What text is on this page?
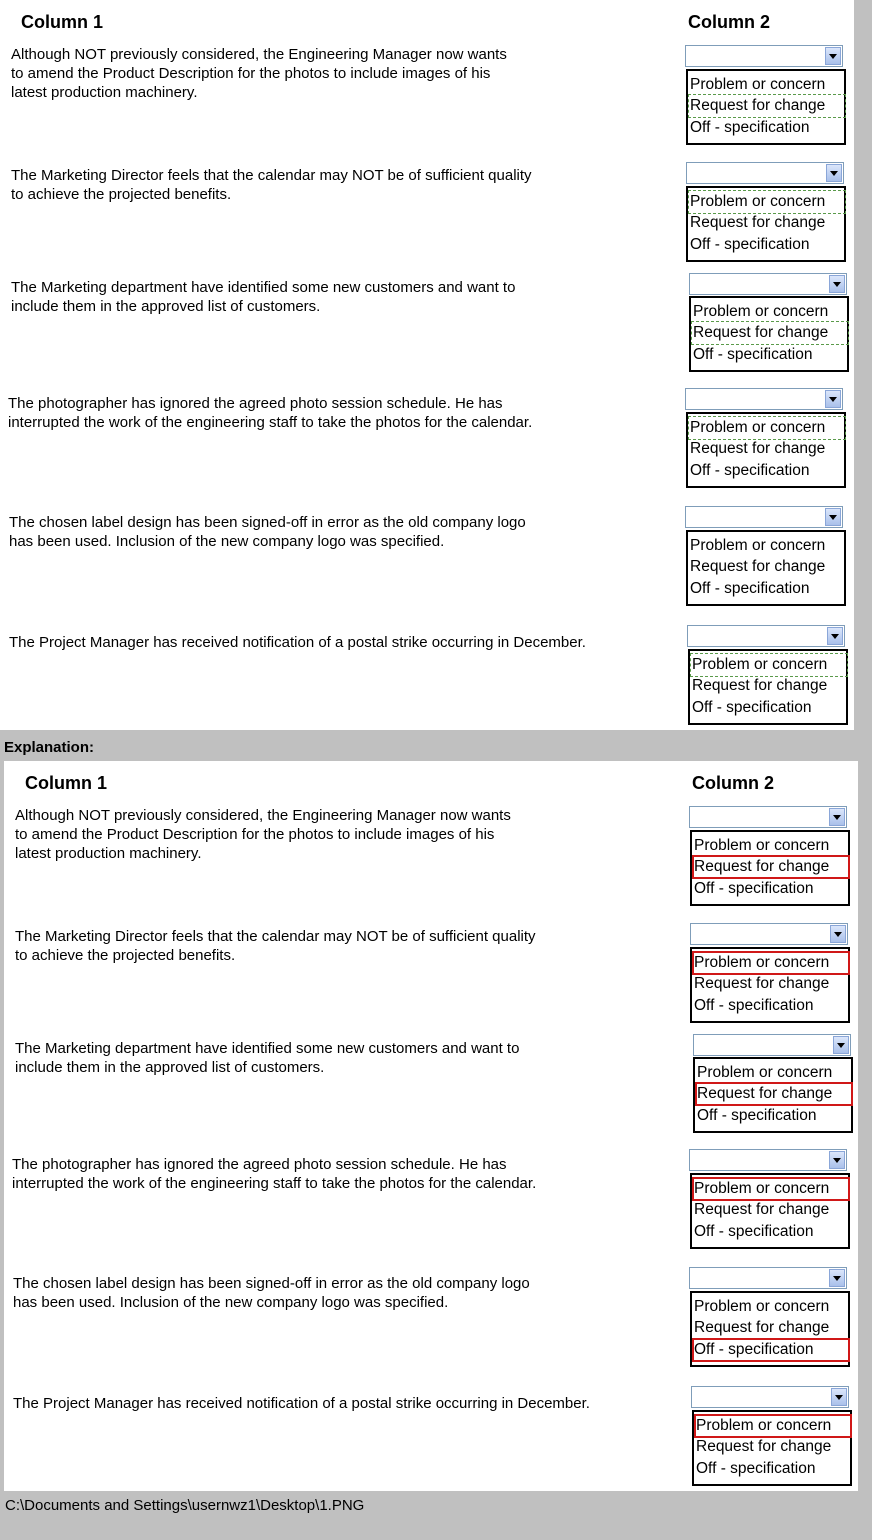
Column 1	Column 2
Although NOT previously considered, the Engineering Manager now wants
to amend the Product Description for the photos to include images of his
latest production machinery.	Problem or concern
Request for change
Off - specification
The Marketing Director feels that the calendar may NOT be of sufficient quality
to achieve the projected benefits.	Problem or concern
Request for change
Off - specification
The Marketing department have identified some new customers and want to
include them in the approved list of customers.	Problem or concern
Request for change
Off - specification
The photographer has ignored the agreed photo session schedule. He has
interrupted the work of the engineering staff to take the photos for the calendar.	Problem or concern
Request for change
Off - specification
The chosen label design has been signed-off in error as the old company logo
has been used. Inclusion of the new company logo was specified.	Problem or concern
Request for change
Off - specification
The Project Manager has received notification of a postal strike occurring in December.
Problem or concern
Request for change
Off - specification
Explanation:
Column 1	Column 2
Although NOT previously considered, the Engineering Manager now wants
to amend the Product Description for the photos to include images of his
latest production machinery.	Problem or concern
Request for change
Off - specification
The Marketing Director feels that the calendar may NOT be of sufficient quality
to achieve the projected benefits.	Problem or concern
Request for change
Off - specification
The Marketing department have identified some new customers and want to
include them in the approved list of customers.	Problem or concern
Request for change
Off - specification
The photographer has ignored the agreed photo session schedule. He has
interrupted the work of the engineering staff to take the photos for the calendar.	Problem or concern
Request for change
Off - specification
The chosen label design has been signed-off in error as the old company logo
has been used. Inclusion of the new company logo was specified.	Problem or concern
Request for change
Off - specification
The Project Manager has received notification of a postal strike occurring in December.
Problem or concern
Request for change
Off - specification
C:\Documents and Settings\usernwz1\Desktop\1.PNG
